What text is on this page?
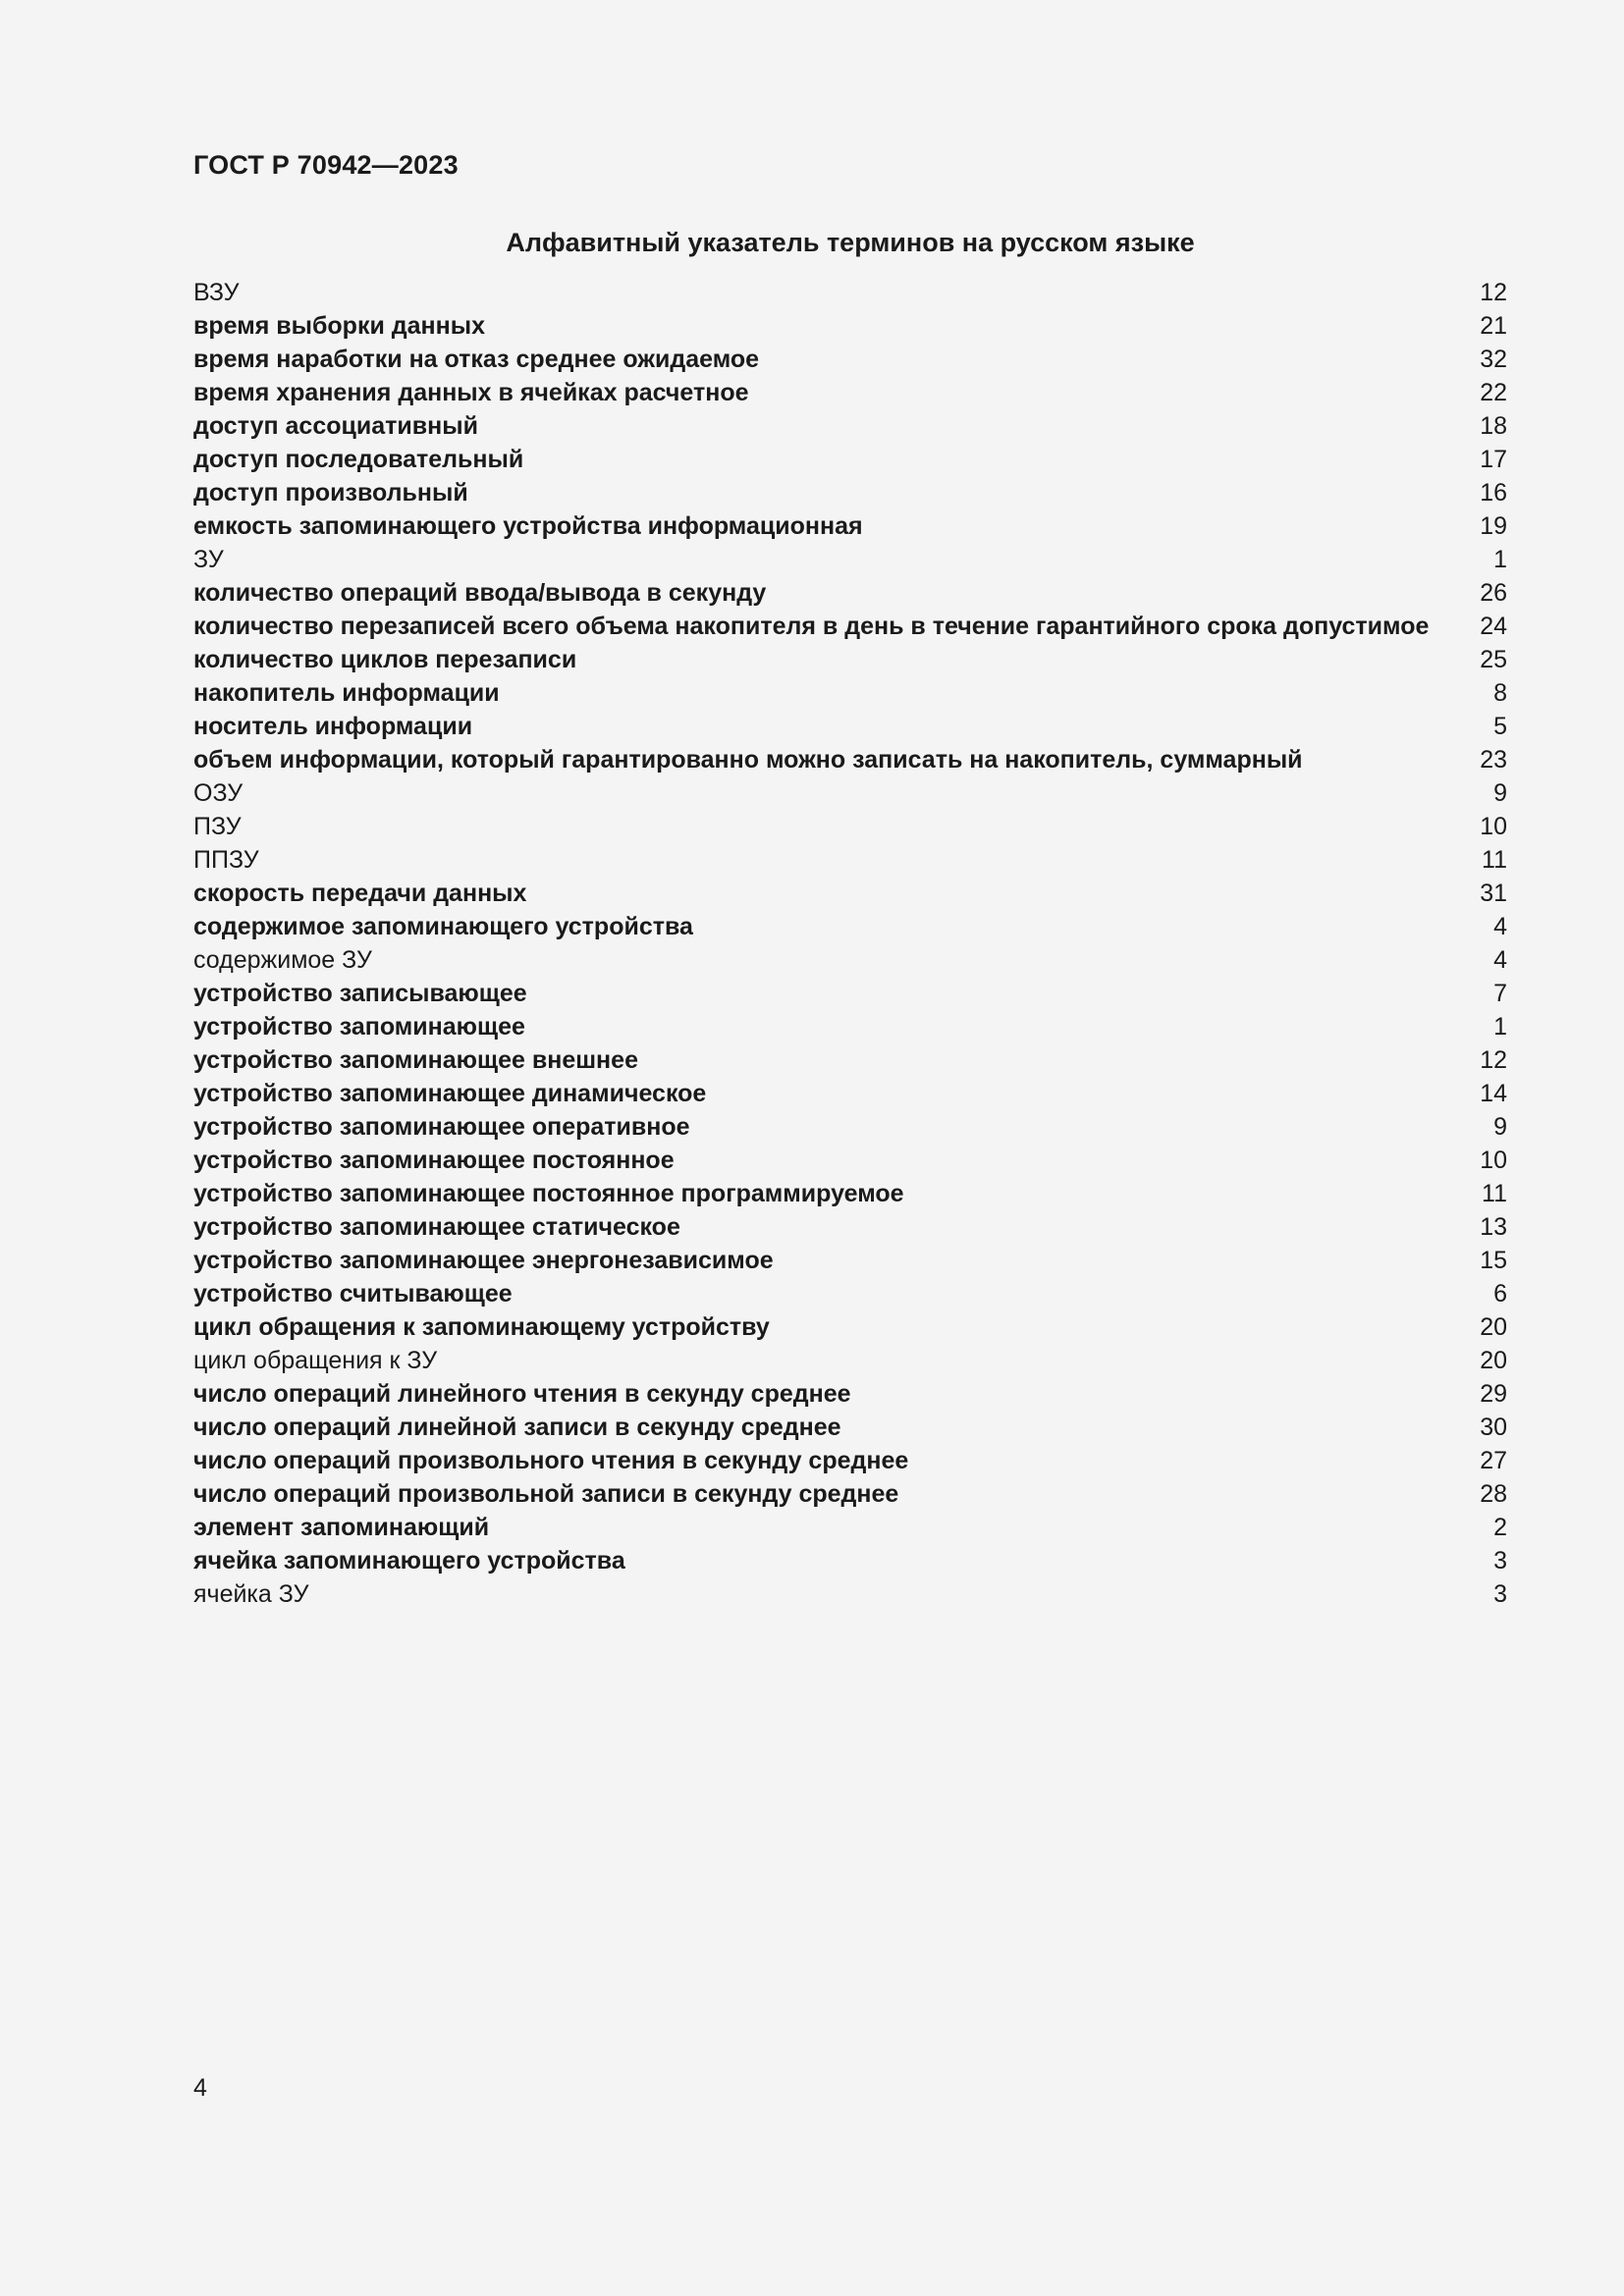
ГОСТ Р 70942—2023
Алфавитный указатель терминов на русском языке
ВЗУ	12
время выборки данных	21
время наработки на отказ среднее ожидаемое	32
время хранения данных в ячейках расчетное	22
доступ ассоциативный	18
доступ последовательный	17
доступ произвольный	16
емкость запоминающего устройства информационная	19
ЗУ	1
количество операций ввода/вывода в секунду	26
количество перезаписей всего объема накопителя в день в течение гарантийного срока допустимое	24
количество циклов перезаписи	25
накопитель информации	8
носитель информации	5
объем информации, который гарантированно можно записать на накопитель, суммарный	23
ОЗУ	9
ПЗУ	10
ППЗУ	11
скорость передачи данных	31
содержимое запоминающего устройства	4
содержимое ЗУ	4
устройство записывающее	7
устройство запоминающее	1
устройство запоминающее внешнее	12
устройство запоминающее динамическое	14
устройство запоминающее оперативное	9
устройство запоминающее постоянное	10
устройство запоминающее постоянное программируемое	11
устройство запоминающее статическое	13
устройство запоминающее энергонезависимое	15
устройство считывающее	6
цикл обращения к запоминающему устройству	20
цикл обращения к ЗУ	20
число операций линейного чтения в секунду среднее	29
число операций линейной записи в секунду среднее	30
число операций произвольного чтения в секунду среднее	27
число операций произвольной записи в секунду среднее	28
элемент запоминающий	2
ячейка запоминающего устройства	3
ячейка ЗУ	3
4
